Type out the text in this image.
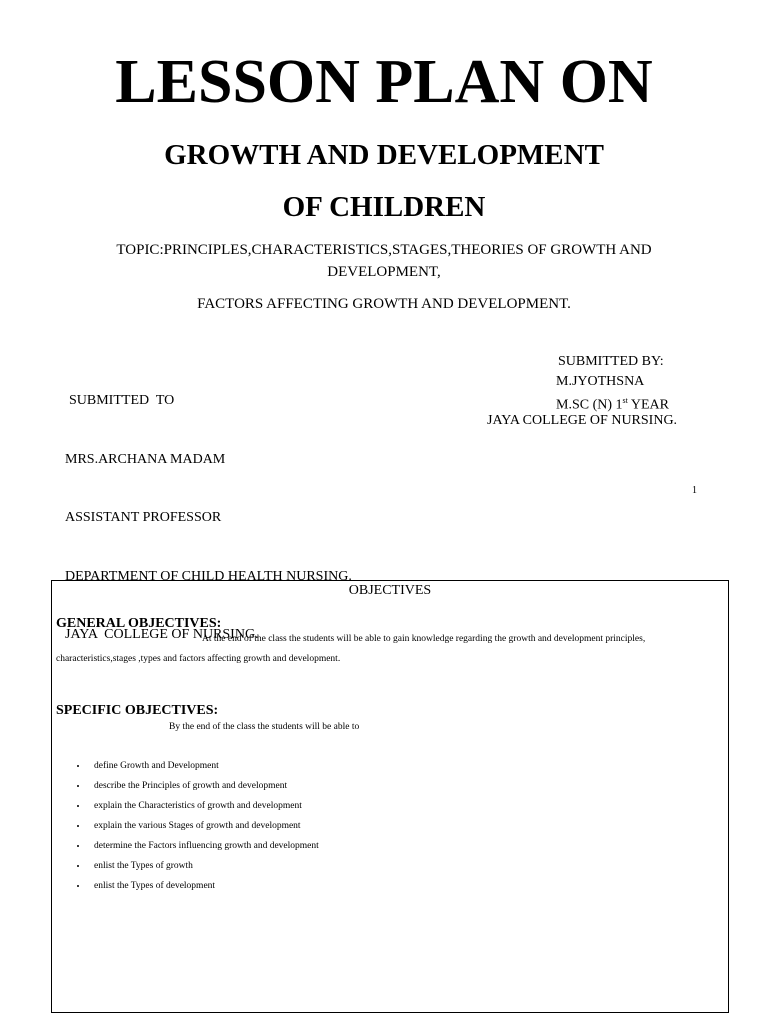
LESSON PLAN ON
GROWTH AND DEVELOPMENT
OF CHILDREN
TOPIC:PRINCIPLES,CHARACTERISTICS,STAGES,THEORIES OF GROWTH AND DEVELOPMENT,
FACTORS AFFECTING GROWTH AND DEVELOPMENT.

SUBMITTED  TO

MRS.ARCHANA MADAM

ASSISTANT PROFESSOR

DEPARTMENT OF CHILD HEALTH NURSING.

JAYA  COLLEGE OF NURSING.

SUBMITTED BY:
M.JYOTHSNA
M.SC (N) 1st YEAR
JAYA COLLEGE OF NURSING.
1
OBJECTIVES
GENERAL OBJECTIVES:
At the end of the class the students will be able to gain knowledge regarding the growth and development principles,
characteristics,stages ,types and factors affecting growth and development.
SPECIFIC OBJECTIVES:
By the end of the class the students will be able to
• define Growth and Development
• describe the Principles of growth and development
• explain the Characteristics of growth and development
• explain the various Stages of growth and development
• determine the Factors influencing growth and development
• enlist the Types of growth
• enlist the Types of development
